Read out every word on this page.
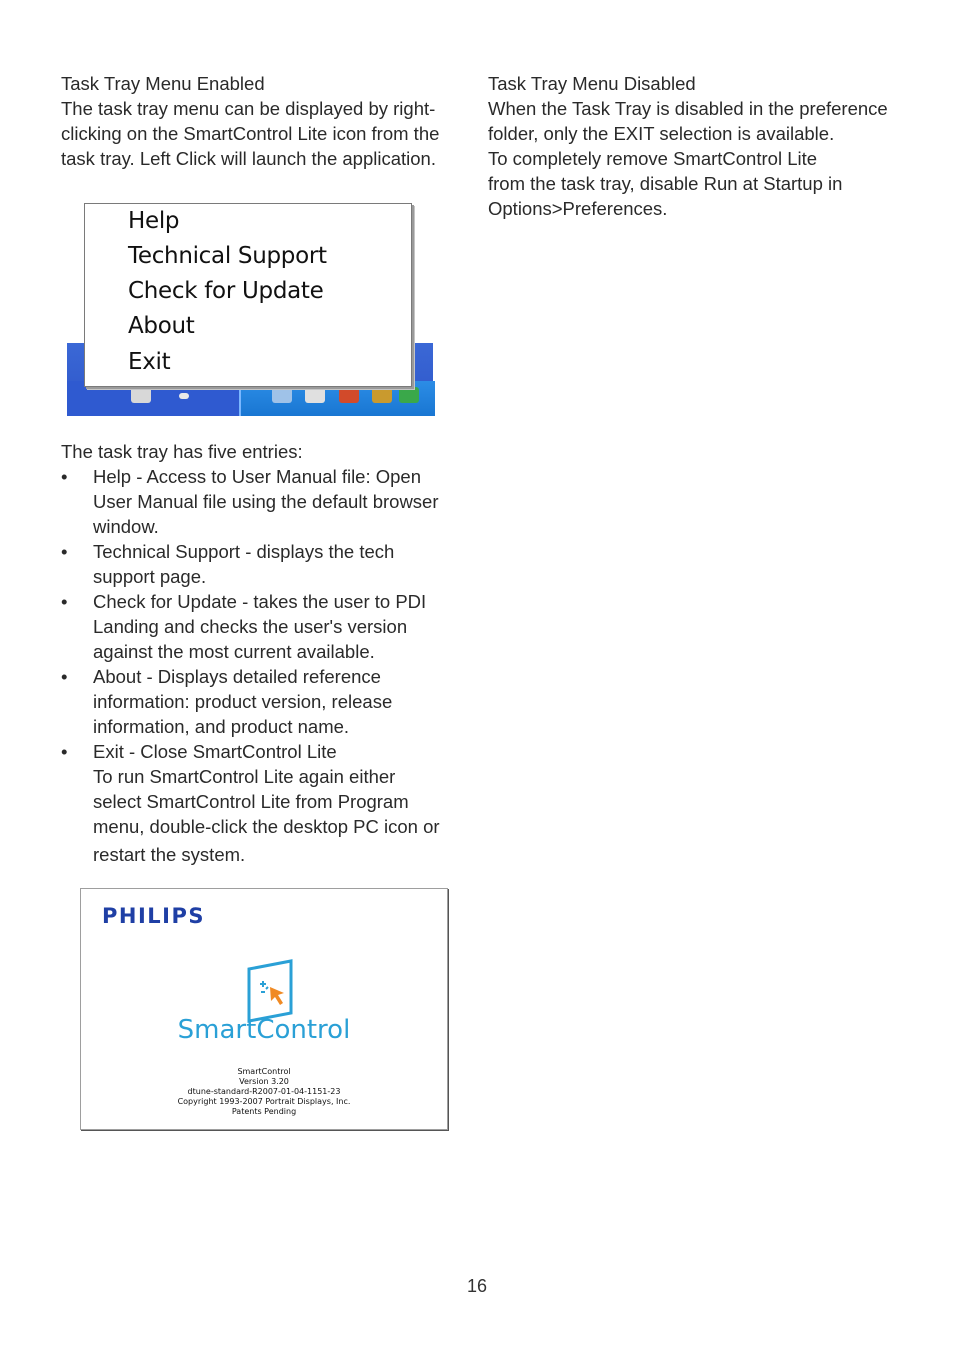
Task Tray Menu Enabled
The task tray menu can be displayed by right-
clicking on the SmartControl Lite icon from the
task tray. Left Click will launch the application.
Task Tray Menu Disabled
When the Task Tray is disabled in the preference
folder, only the EXIT selection is available.
To completely remove SmartControl Lite
from the task tray, disable Run at Startup in
Options>Preferences.
Help
Technical Support
Check for Update
About
Exit
The task tray has five entries:
• Help - Access to User Manual file: Open
User Manual file using the default browser
window.
• Technical Support - displays the tech
support page.
• Check for Update - takes the user to PDI
Landing and checks the user's version
against the most current available.
• About - Displays detailed reference
information: product version, release
information, and product name.
• Exit - Close SmartControl Lite
To run SmartControl Lite again either
select SmartControl Lite from Program
menu, double-click the desktop PC icon or
restart the system.
PHILIPS
SmartControl
SmartControl
Version 3.20
dtune-standard-R2007-01-04-1151-23
Copyright 1993-2007 Portrait Displays, Inc.
Patents Pending
16
